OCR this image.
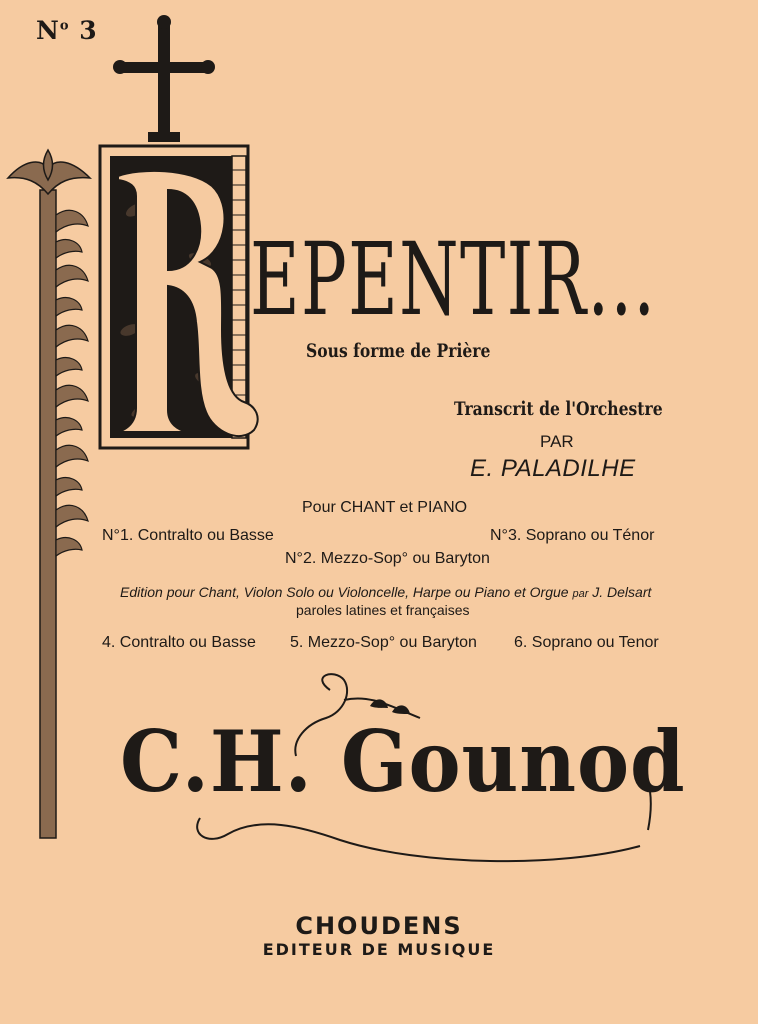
$N^o$ 3
EPENTIR...
Sous forme de Prière
Transcrit de l'Orchestre
PAR
E. PALADILHE
Pour CHANT et PIANO
N°1. Contralto ou Basse	N°3. Soprano ou Ténor
N°2. Mezzo-Sop° ou Baryton
Edition pour Chant, Violon Solo ou Violoncelle, Harpe ou Piano et Orgue par J. Delsart
paroles latines et françaises
4. Contralto ou Basse 5. Mezzo-Sop° ou Baryton 6. Soprano ou Tenor
C.H. Gounod
CHOUDENS
EDITEUR DE MUSIQUE
